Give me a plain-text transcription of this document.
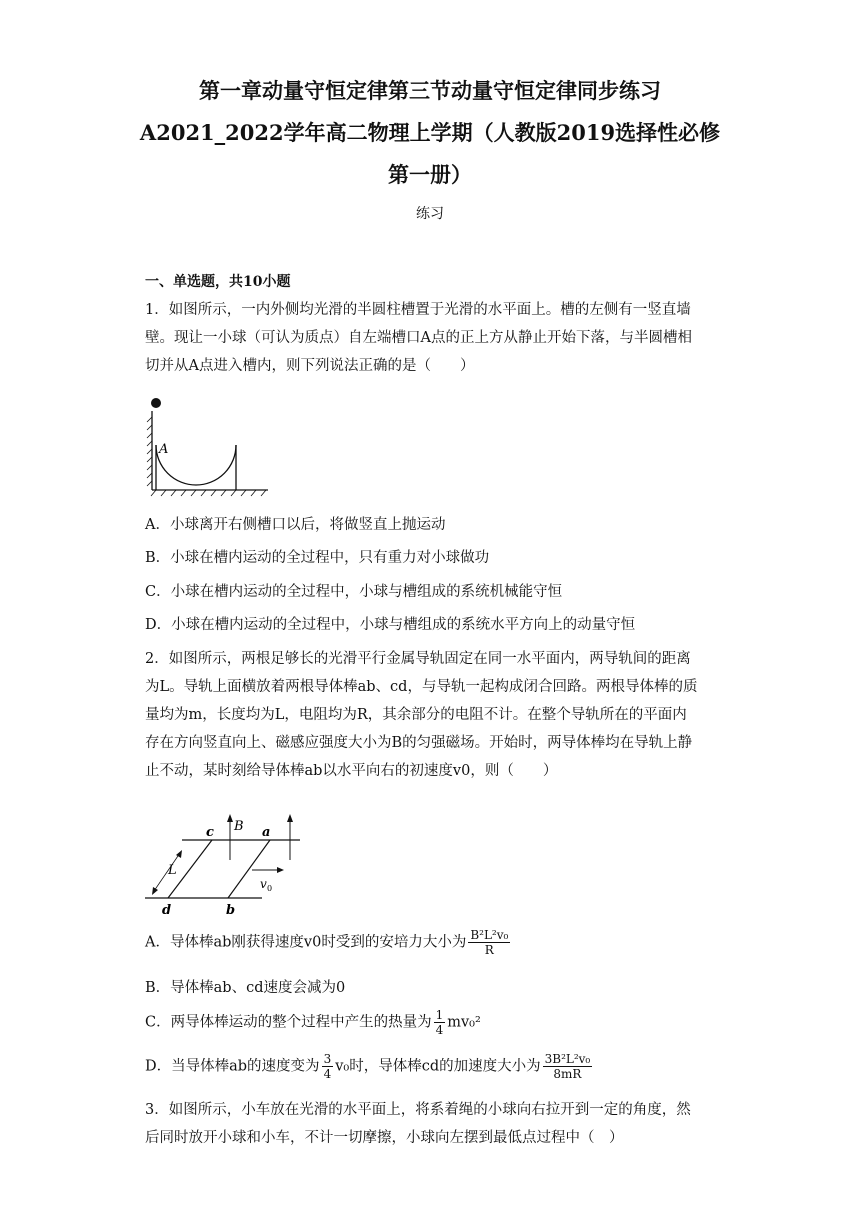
第一章动量守恒定律第三节动量守恒定律同步练习
A2021_2022学年高二物理上学期（人教版2019选择性必修
第一册）
练习
一、单选题，共10小题
1．如图所示，一内外侧均光滑的半圆柱槽置于光滑的水平面上。槽的左侧有一竖直墙
壁。现让一小球（可认为质点）自左端槽口A点的正上方从静止开始下落，与半圆槽相
切并从A点进入槽内，则下列说法正确的是（　　）
A
A．小球离开右侧槽口以后，将做竖直上抛运动
B．小球在槽内运动的全过程中，只有重力对小球做功
C．小球在槽内运动的全过程中，小球与槽组成的系统机械能守恒
D．小球在槽内运动的全过程中，小球与槽组成的系统水平方向上的动量守恒
2．如图所示，两根足够长的光滑平行金属导轨固定在同一水平面内，两导轨间的距离
为L。导轨上面横放着两根导体棒ab、cd，与导轨一起构成闭合回路。两根导体棒的质
量均为m，长度均为L，电阻均为R，其余部分的电阻不计。在整个导轨所在的平面内
存在方向竖直向上、磁感应强度大小为B的匀强磁场。开始时，两导体棒均在导轨上静
止不动，某时刻给导体棒ab以水平向右的初速度v0，则（　　）
c	a
B
L
v 0
d	b
A．导体棒ab刚获得速度v0时受到的安培力大小为 $\frac{\text{B²L²v₀}}{R}$
B．导体棒ab、cd速度会减为0
C．两导体棒运动的整个过程中产生的热量为 $\frac{1}{4} mv_0^2$
D．当导体棒ab的速度变为 $\frac{3}{4} v_0$时，导体棒cd的加速度大小为 $\frac{\text{3B²L²v₀}}{8mR}$
3．如图所示，小车放在光滑的水平面上，将系着绳的小球向右拉开到一定的角度，然
后同时放开小球和小车，不计一切摩擦，小球向左摆到最低点过程中（　）
